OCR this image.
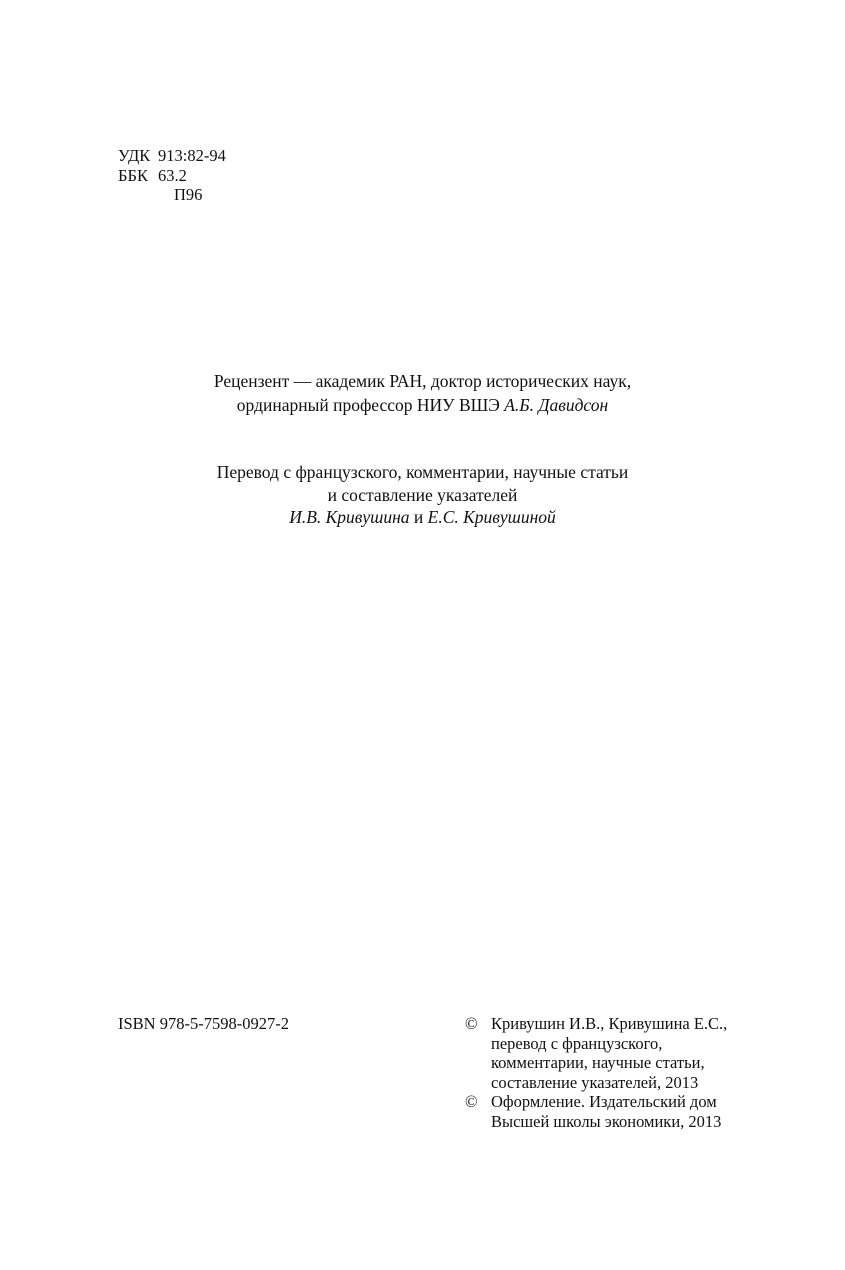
УДК 913:82-94
ББК 63.2
П96
Рецензент — академик РАН, доктор исторических наук,
ординарный профессор НИУ ВШЭ А.Б. Давидсон
Перевод с французского, комментарии, научные статьи
и составление указателей
И.В. Кривушина и Е.С. Кривушиной
ISBN 978-5-7598-0927-2	© Кривушин И.В., Кривушина Е.С.,
перевод с французского,
комментарии, научные статьи,
составление указателей, 2013
© Оформление. Издательский дом
Высшей школы экономики, 2013
